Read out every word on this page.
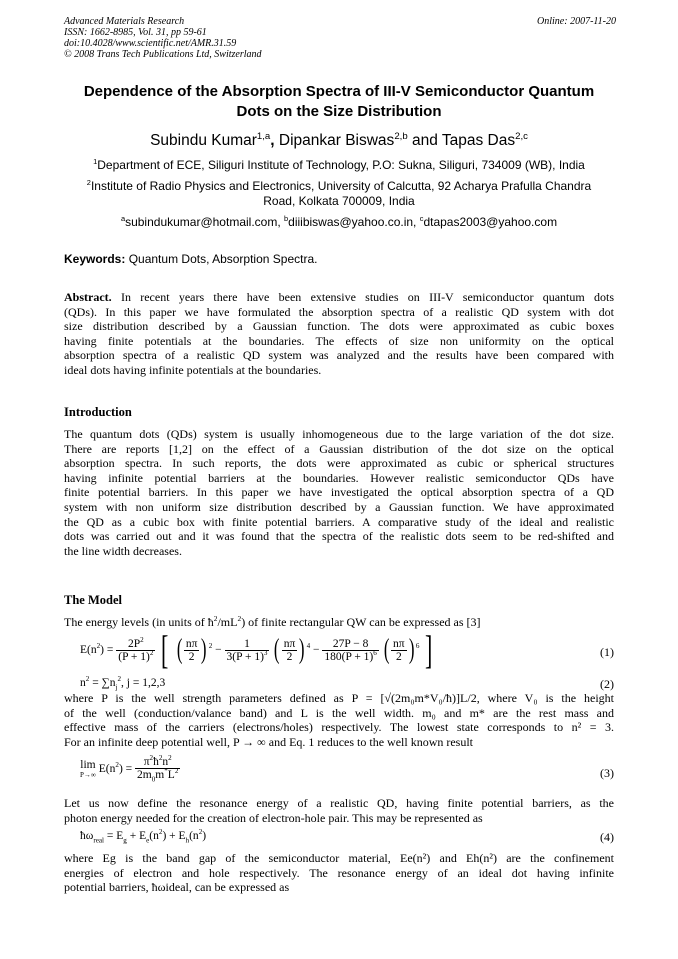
Advanced Materials Research
ISSN: 1662-8985, Vol. 31, pp 59-61
doi:10.4028/www.scientific.net/AMR.31.59
© 2008 Trans Tech Publications Ltd, Switzerland
Online: 2007-11-20
Dependence of the Absorption Spectra of III-V Semiconductor Quantum
Dots on the Size Distribution
Subindu Kumar$^{1,a}$, Dipankar Biswas$^{2,b}$ and Tapas Das$^{2,c}$
$^1$Department of ECE, Siliguri Institute of Technology, P.O: Sukna, Siliguri, 734009 (WB), India
$^2$Institute of Radio Physics and Electronics, University of Calcutta, 92 Acharya Prafulla Chandra
Road, Kolkata 700009, India
$^a$subindukumar@hotmail.com, $^b$diiibiswas@yahoo.co.in, $^c$dtapas2003@yahoo.com
Keywords: Quantum Dots, Absorption Spectra.
Abstract. In recent years there have been extensive studies on III-V semiconductor quantum dots
(QDs). In this paper we have formulated the absorption spectra of a realistic QD system with dot
size distribution described by a Gaussian function. The dots were approximated as cubic boxes
having finite potentials at the boundaries. The effects of size non uniformity on the optical
absorption spectra of a realistic QD system was analyzed and the results have been compared with
ideal dots having infinite potentials at the boundaries.
Introduction
The quantum dots (QDs) system is usually inhomogeneous due to the large variation of the dot size.
There are reports [1,2] on the effect of a Gaussian distribution of the dot size on the optical
absorption spectra. In such reports, the dots were approximated as cubic or spherical structures
having infinite potential barriers at the boundaries. However realistic semiconductor QDs have
finite potential barriers. In this paper we have investigated the optical absorption spectra of a QD
system with non uniform size distribution described by a Gaussian function. We have approximated
the QD as a cubic box with finite potential barriers. A comparative study of the ideal and realistic
dots was carried out and it was found that the spectra of the realistic dots seem to be red-shifted and
the line width decreases.
The Model
The energy levels (in units of $ħ^2/mL^2$) of finite rectangular QW can be expressed as [3]
$E(n^2) = \frac{2P^2}{(P + 1)^2}$ [ ( $\frac{n\pi}{2}$ ) $^2 - \frac{1}{3(P + 1)^3}$ ( $\frac{n\pi}{2}$ ) $^4 - \frac{27P - 8}{180(P + 1)^6}$ ( $\frac{n\pi}{2}$ ) $^6$ ]	(1)
$n^2 = \sum n_j^2$, j = 1,2,3	(2)
where P is the well strength parameters defined as P = [√(2m₀m*V₀/ħ)]L/2, where V₀ is the height
of the well (conduction/valance band) and L is the well width. m₀ and m* are the rest mass and
effective mass of the carriers (electrons/holes) respectively. The lowest state corresponds to n² = 3.
For an infinite deep potential well, P → ∞ and Eq. 1 reduces to the well known result
lim
P→∞ $E(n^2) = \frac{\pi^2ħ^2n^2}{2m_0m^*L^2}$	(3)
Let us now define the resonance energy of a realistic QD, having finite potential barriers, as the
photon energy needed for the creation of electron-hole pair. This may be represented as
$ħ\omega_{real} = E_g + E_e(n^2) + E_h(n^2)$	(4)
where Eg is the band gap of the semiconductor material, Ee(n²) and Eh(n²) are the confinement
energies of electron and hole respectively. The resonance energy of an ideal dot having infinite
potential barriers, ħωideal, can be expressed as
